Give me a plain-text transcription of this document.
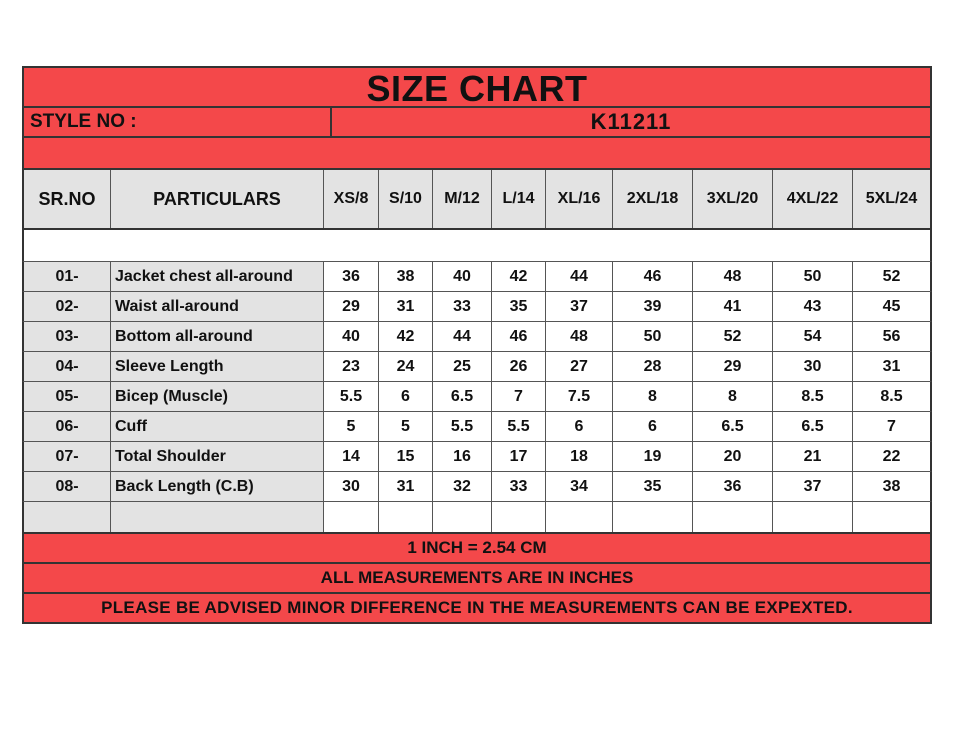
SIZE CHART
STYLE NO :	K11211
SR.NO	PARTICULARS	XS/8	S/10	M/12	L/14	XL/16	2XL/18	3XL/20	4XL/22	5XL/24
01-	Jacket chest all-around	36	38	40	42	44	46	48	50	52
02-	Waist all-around	29	31	33	35	37	39	41	43	45
03-	Bottom all-around	40	42	44	46	48	50	52	54	56
04-	Sleeve Length	23	24	25	26	27	28	29	30	31
05-	Bicep (Muscle)	5.5	6	6.5	7	7.5	8	8	8.5	8.5
06-	Cuff	5	5	5.5	5.5	6	6	6.5	6.5	7
07-	Total Shoulder	14	15	16	17	18	19	20	21	22
08-	Back Length (C.B)	30	31	32	33	34	35	36	37	38
1 INCH = 2.54 CM
ALL MEASUREMENTS ARE IN INCHES
PLEASE BE ADVISED MINOR DIFFERENCE IN THE MEASUREMENTS CAN BE EXPEXTED.
